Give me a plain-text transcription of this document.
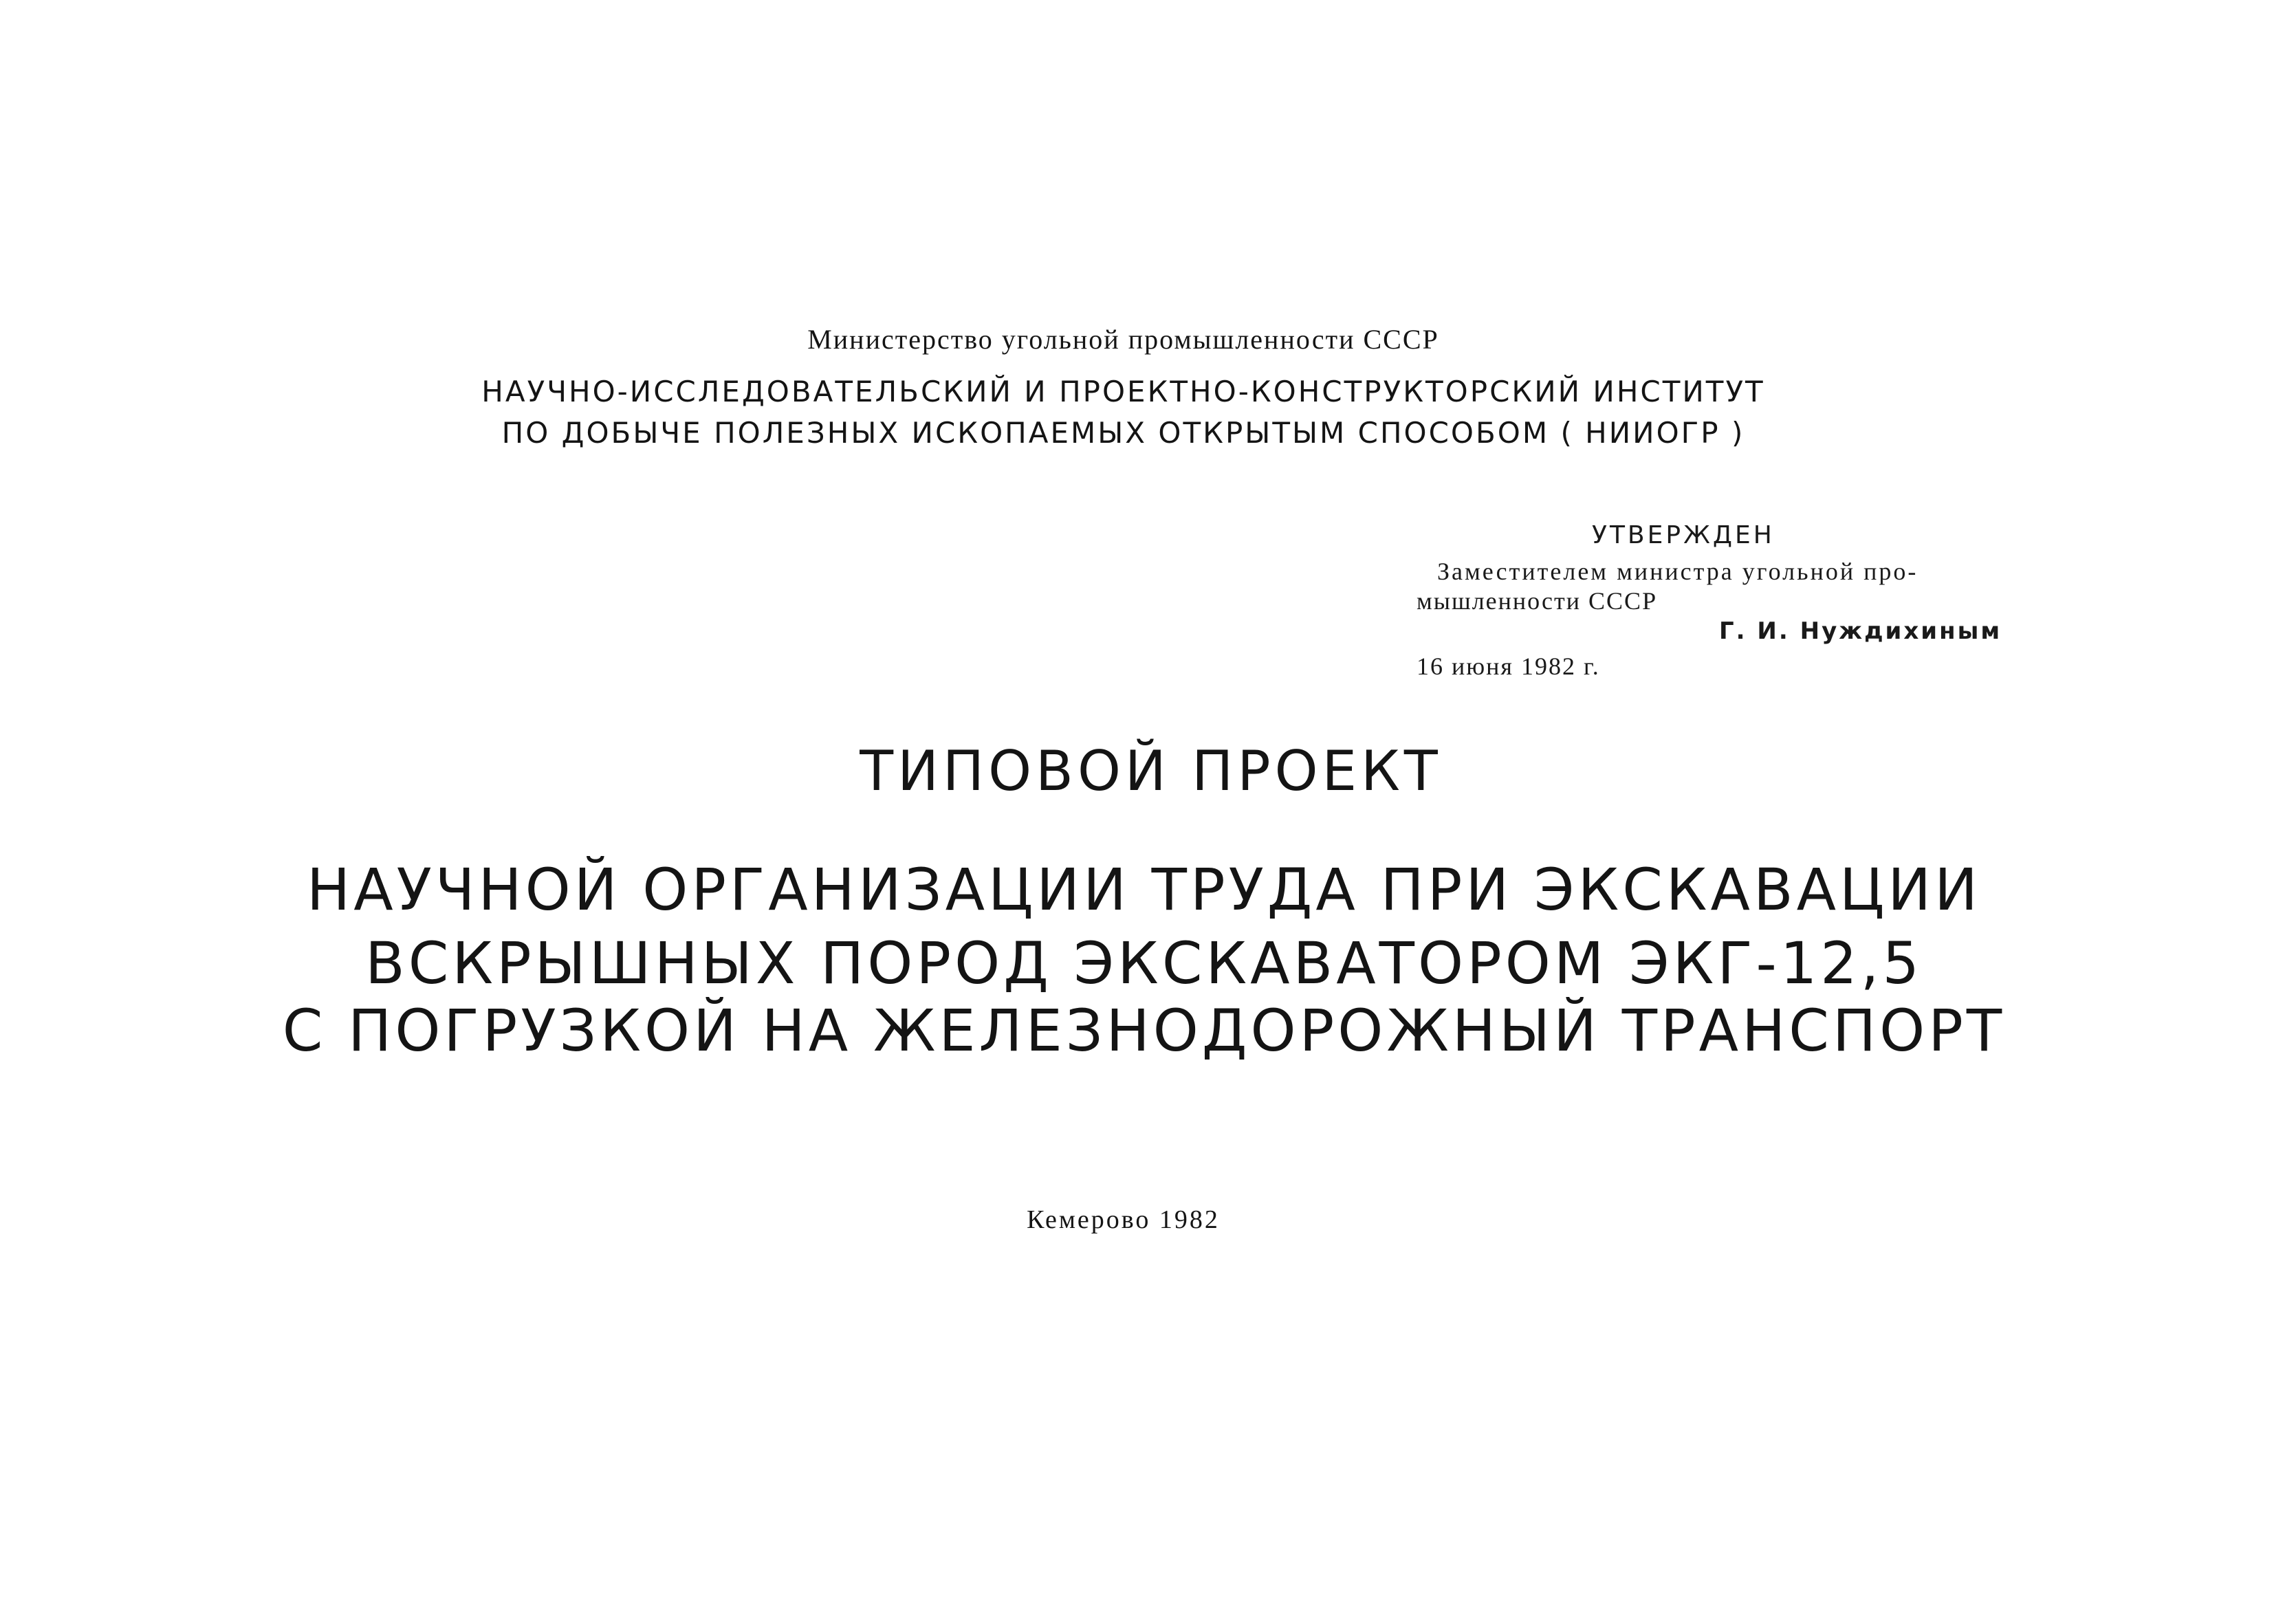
Министерство угольной промышленности СССР
НАУЧНО-ИССЛЕДОВАТЕЛЬСКИЙ И ПРОЕКТНО-КОНСТРУКТОРСКИЙ ИНСТИТУТ
ПО ДОБЫЧЕ ПОЛЕЗНЫХ ИСКОПАЕМЫХ ОТКРЫТЫМ СПОСОБОМ ( НИИОГР )
УТВЕРЖДЕН
Заместителем министра угольной про-
мышленности СССР
Г. И. Нуждихиным
16 июня 1982 г.
ТИПОВОЙ ПРОЕКТ
НАУЧНОЙ ОРГАНИЗАЦИИ ТРУДА ПРИ ЭКСКАВАЦИИ
ВСКРЫШНЫХ ПОРОД ЭКСКАВАТОРОМ ЭКГ-12,5
С ПОГРУЗКОЙ НА ЖЕЛЕЗНОДОРОЖНЫЙ ТРАНСПОРТ
Кемерово 1982
